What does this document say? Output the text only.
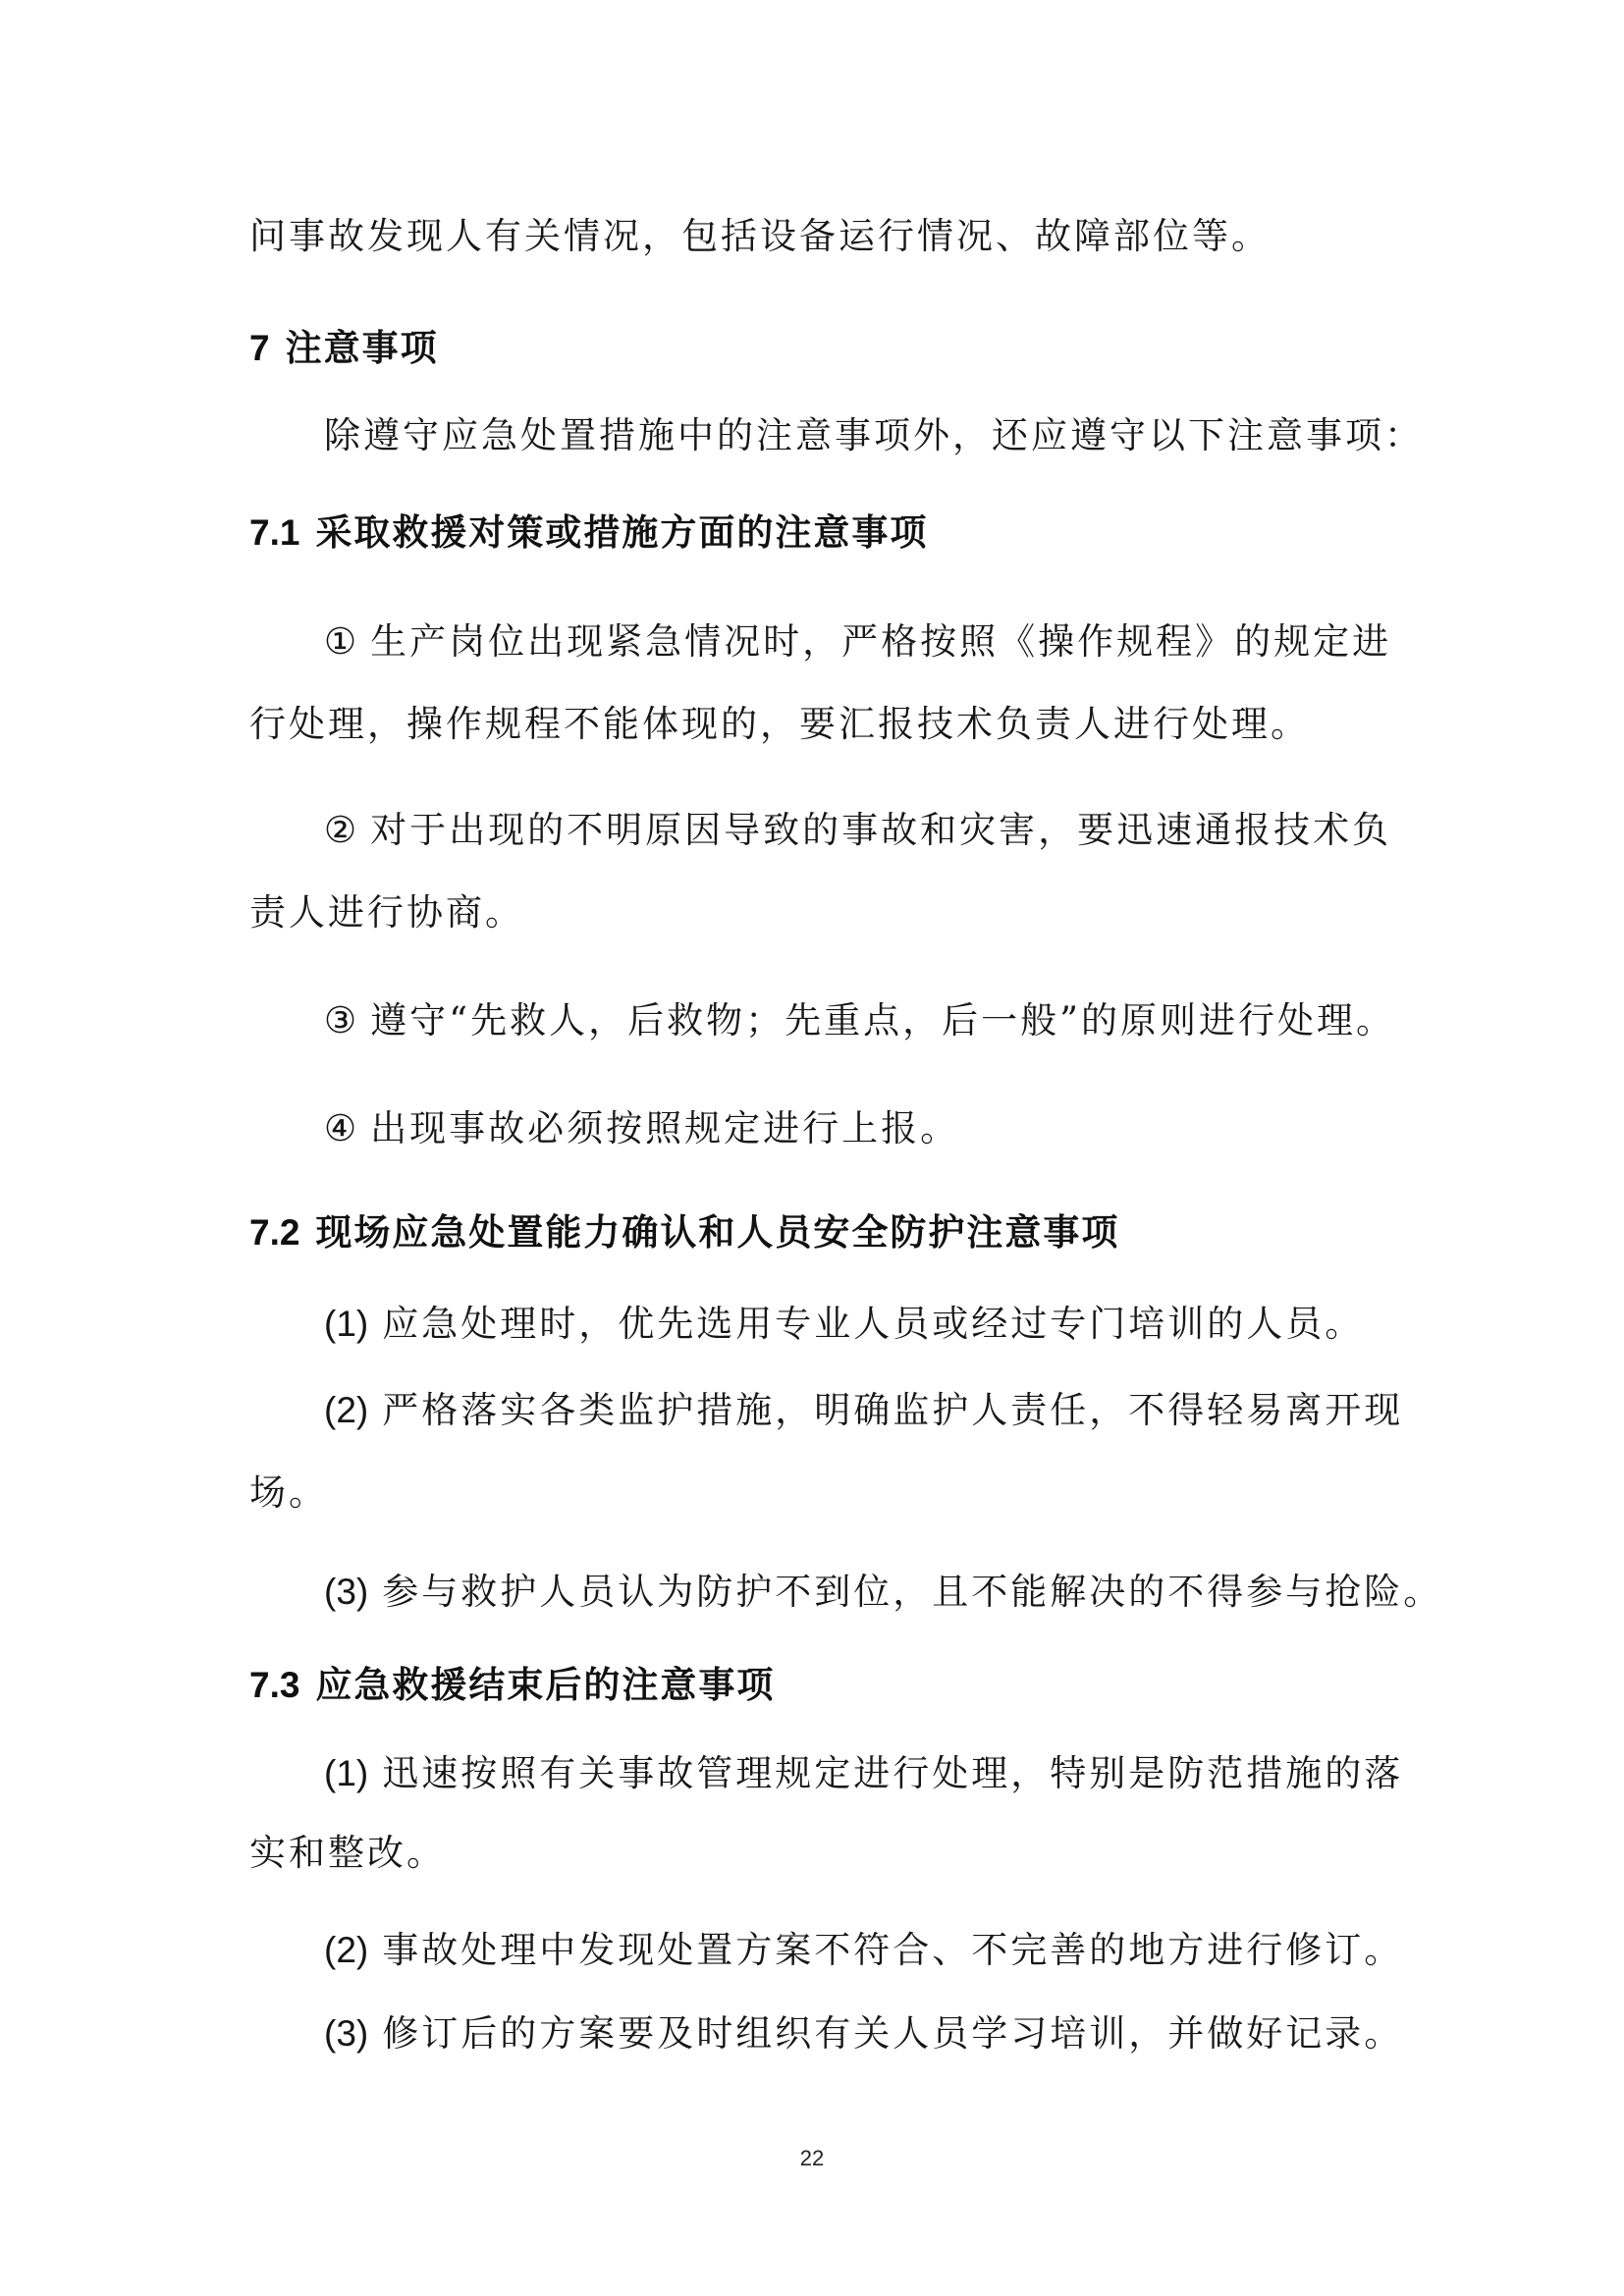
问事故发现人有关情况，包括设备运行情况、故障部位等。
7 注意事项
除遵守应急处置措施中的注意事项外，还应遵守以下注意事项：
7.1 采取救援对策或措施方面的注意事项
① 生产岗位出现紧急情况时，严格按照《操作规程》的规定进
行处理，操作规程不能体现的，要汇报技术负责人进行处理。
② 对于出现的不明原因导致的事故和灾害，要迅速通报技术负
责人进行协商。
③ 遵守“先救人，后救物；先重点，后一般”的原则进行处理。
④ 出现事故必须按照规定进行上报。
7.2 现场应急处置能力确认和人员安全防护注意事项
(1) 应急处理时，优先选用专业人员或经过专门培训的人员。
(2) 严格落实各类监护措施，明确监护人责任，不得轻易离开现
场。
(3) 参与救护人员认为防护不到位，且不能解决的不得参与抢险。
7.3 应急救援结束后的注意事项
(1) 迅速按照有关事故管理规定进行处理，特别是防范措施的落
实和整改。
(2) 事故处理中发现处置方案不符合、不完善的地方进行修订。
(3) 修订后的方案要及时组织有关人员学习培训，并做好记录。
22
